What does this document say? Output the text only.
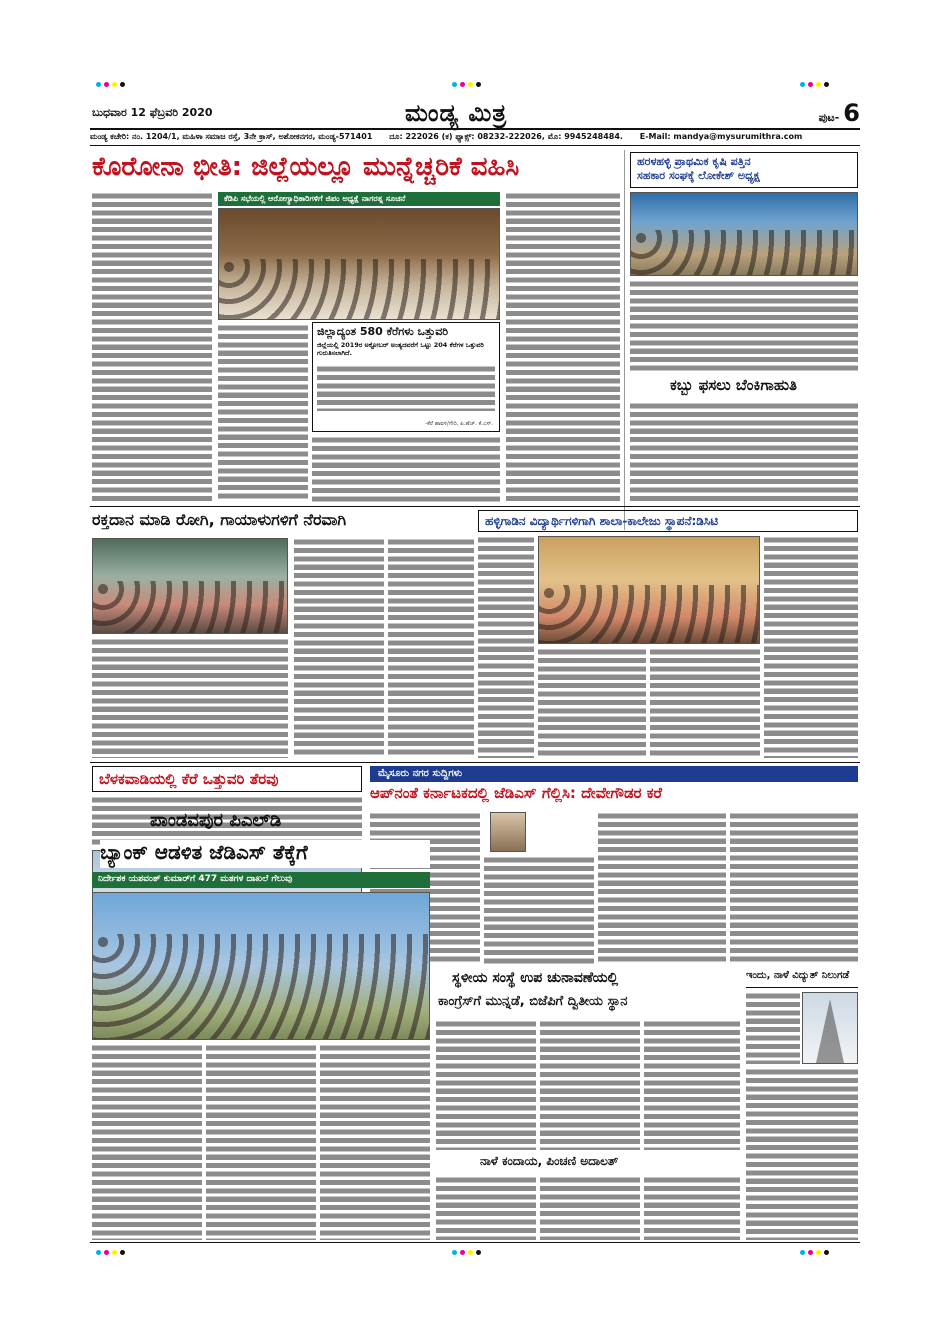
ಬುಧವಾರ 12 ಫೆಬ್ರವರಿ 2020	ಮಂಡ್ಯ ಮಿತ್ರ	ಪುಟ- 6
ಮಂಡ್ಯ ಕಚೇರಿ: ನಂ. 1204/1, ಮಹಿಳಾ ಸಮಾಜ ರಸ್ತೆ, 3ನೇ ಕ್ರಾಸ್, ಅಶೋಕನಗರ, ಮಂಡ್ಯ-571401 ದೂ: 222026 (ಕ) ಫ್ಯಾಕ್ಸ್: 08232-222026, ಮೊ: 9945248484. E-Mail: mandya@mysurumithra.com
ಕೊರೋನಾ ಭೀತಿ: ಜಿಲ್ಲೆಯಲ್ಲೂ ಮುನ್ನೆಚ್ಚರಿಕೆ ವಹಿಸಿ	ಹರಳಹಳ್ಳಿ ಪ್ರಾಥಮಿಕ ಕೃಷಿ ಪತ್ತಿನ
ಸಹಕಾರ ಸಂಘಕ್ಕೆ ಲೋಕೇಶ್ ಅಧ್ಯಕ್ಷ
ಕೆಡಿಪಿ ಸಭೆಯಲ್ಲಿ ಆರೋಗ್ಯಾಧಿಕಾರಿಗಳಿಗೆ ಜಿಪಂ ಅಧ್ಯಕ್ಷೆ ನಾಗರತ್ನ ಸೂಚನೆ
ಜಿಲ್ಲಾದ್ಯಂತ 580 ಕೆರೆಗಳು ಒತ್ತುವರಿ
ಜಿಲ್ಲೆಯಲ್ಲಿ 2019ರ ಅಕ್ಟೋಬರ್ ಅಂತ್ಯದವರೆಗೆ ಒಟ್ಟು 204 ಕೆರೆಗಳ ಒತ್ತುವರಿ ಗುರುತಿಸಲಾಗಿದೆ.
-ಕೆರೆ ಹಾವಳಿ/ಗೌರಿ, ಪಿ.ಹೆಚ್. ಕೆ.ಎಸ್.
ಕಬ್ಬು ಫಸಲು ಬೆಂಕಿಗಾಹುತಿ
ರಕ್ತದಾನ ಮಾಡಿ ರೋಗಿ, ಗಾಯಾಳುಗಳಿಗೆ ನೆರವಾಗಿ	ಹಳ್ಳಿಗಾಡಿನ ವಿದ್ಯಾರ್ಥಿಗಳಿಗಾಗಿ ಶಾಲಾ-ಕಾಲೇಜು ಸ್ಥಾಪನೆ:ಡಿಸಿಟಿ
ಬೆಳಕವಾಡಿಯಲ್ಲಿ ಕೆರೆ ಒತ್ತುವರಿ ತೆರವು	ಮೈಸೂರು ನಗರ ಸುದ್ದಿಗಳು
ಆಪ್‌ನಂತೆ ಕರ್ನಾಟಕದಲ್ಲಿ ಜೆಡಿಎಸ್ ಗೆಲ್ಲಿಸಿ: ದೇವೇಗೌಡರ ಕರೆ
ಪಾಂಡವಪುರ ಪಿಎಲ್‌ಡಿ
ಬ್ಯಾಂಕ್ ಆಡಳಿತ ಜೆಡಿಎಸ್ ತೆಕ್ಕೆಗೆ
ನಿರ್ದೇಶಕ ಯಶವಂತ್ ಕುಮಾರ್‌ಗೆ 477 ಮತಗಳ ದಾಖಲೆ ಗೆಲುವು
ಸ್ಥಳೀಯ ಸಂಸ್ಥೆ ಉಪ ಚುನಾವಣೆಯಲ್ಲಿ
ಕಾಂಗ್ರೆಸ್‌ಗೆ ಮುನ್ನಡೆ, ಬಿಜೆಪಿಗೆ ದ್ವಿತೀಯ ಸ್ಥಾನ
ಇಂದು, ನಾಳೆ ವಿದ್ಯುತ್ ನಿಲುಗಡೆ
ನಾಳೆ ಕಂದಾಯ, ಪಿಂಚಣಿ ಅದಾಲತ್
